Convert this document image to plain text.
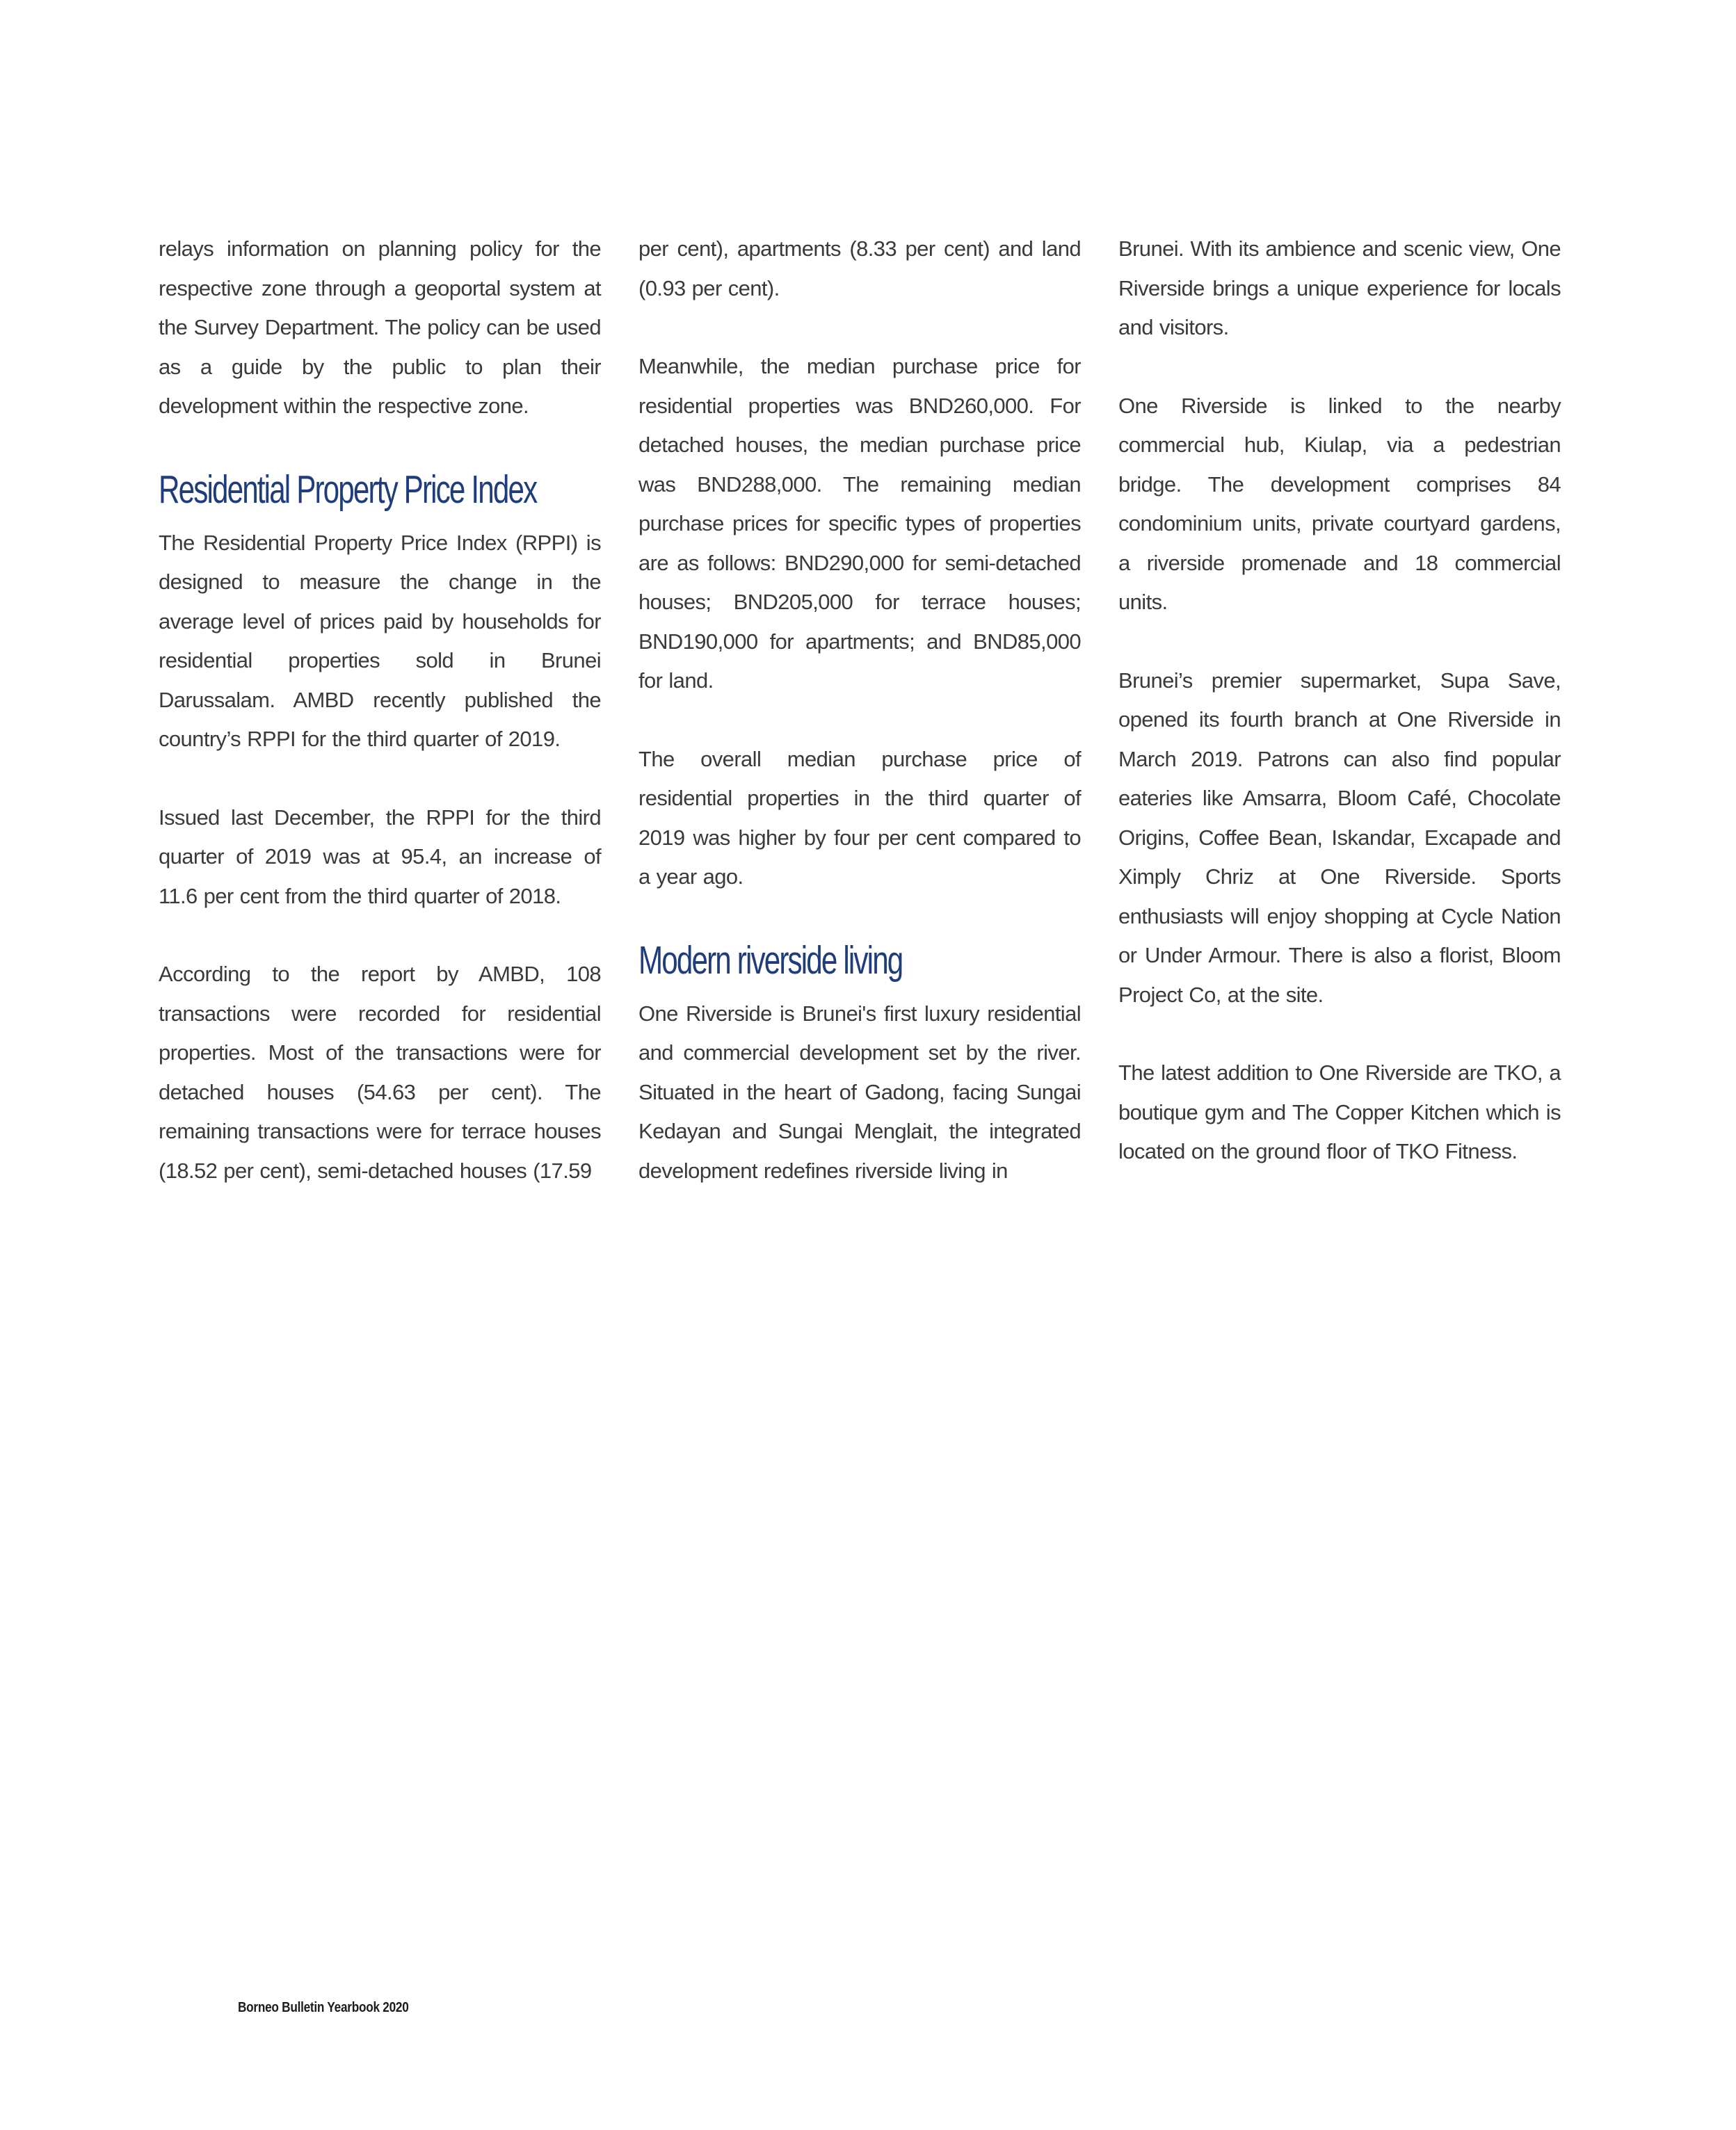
relays information on planning policy for the respective zone through a geoportal system at the Survey Department. The policy can be used as a guide by the public to plan their development within the respective zone.

Residential Property Price Index

The Residential Property Price Index (RPPI) is designed to measure the change in the average level of prices paid by households for residential properties sold in Brunei Darussalam. AMBD recently published the country’s RPPI for the third quarter of 2019.

Issued last December, the RPPI for the third quarter of 2019 was at 95.4, an increase of 11.6 per cent from the third quarter of 2018.

According to the report by AMBD, 108 transactions were recorded for residential properties. Most of the transactions were for detached houses (54.63 per cent). The remaining transactions were for terrace houses (18.52 per cent), semi-detached houses (17.59

per cent), apartments (8.33 per cent) and land (0.93 per cent).

Meanwhile, the median purchase price for residential properties was BND260,000. For detached houses, the median purchase price was BND288,000. The remaining median purchase prices for specific types of properties are as follows: BND290,000 for semi-detached houses; BND205,000 for terrace houses; BND190,000 for apartments; and BND85,000 for land.

The overall median purchase price of residential properties in the third quarter of 2019 was higher by four per cent compared to a year ago.

Modern riverside living

One Riverside is Brunei's first luxury residential and commercial development set by the river. Situated in the heart of Gadong, facing Sungai Kedayan and Sungai Menglait, the integrated development redefines riverside living in

Brunei. With its ambience and scenic view, One Riverside brings a unique experience for locals and visitors.

One Riverside is linked to the nearby commercial hub, Kiulap, via a pedestrian bridge. The development comprises 84 condominium units, private courtyard gardens, a riverside promenade and 18 commercial units.

Brunei’s premier supermarket, Supa Save, opened its fourth branch at One Riverside in March 2019. Patrons can also find popular eateries like Amsarra, Bloom Café, Chocolate Origins, Coffee Bean, Iskandar, Excapade and Ximply Chriz at One Riverside. Sports enthusiasts will enjoy shopping at Cycle Nation or Under Armour. There is also a florist, Bloom Project Co, at the site.

The latest addition to One Riverside are TKO, a boutique gym and The Copper Kitchen which is located on the ground floor of TKO Fitness.

Borneo Bulletin Yearbook 2020
